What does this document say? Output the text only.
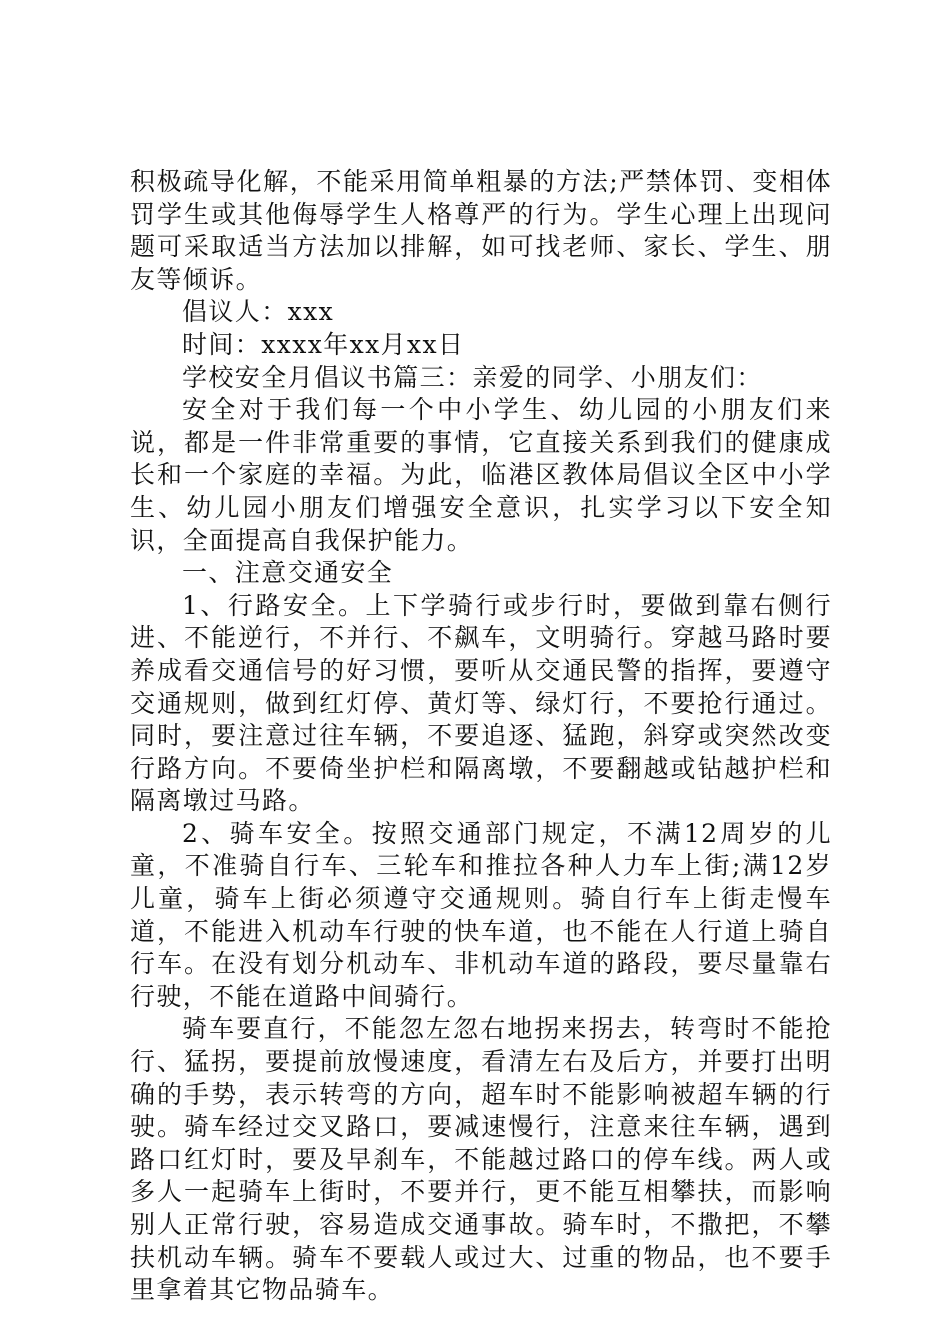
积极疏导化解，不能采用简单粗暴的方法;严禁体罚、变相体罚学生或其他侮辱学生人格尊严的行为。学生心理上出现问题可采取适当方法加以排解，如可找老师、家长、学生、朋友等倾诉。

倡议人：xxx

时间：xxxx年xx月xx日

学校安全月倡议书篇三：亲爱的同学、小朋友们：

安全对于我们每一个中小学生、幼儿园的小朋友们来说，都是一件非常重要的事情，它直接关系到我们的健康成长和一个家庭的幸福。为此，临港区教体局倡议全区中小学生、幼儿园小朋友们增强安全意识，扎实学习以下安全知识，全面提高自我保护能力。

一、注意交通安全

1、行路安全。上下学骑行或步行时，要做到靠右侧行进、不能逆行，不并行、不飙车，文明骑行。穿越马路时要养成看交通信号的好习惯，要听从交通民警的指挥，要遵守交通规则，做到红灯停、黄灯等、绿灯行，不要抢行通过。同时，要注意过往车辆，不要追逐、猛跑，斜穿或突然改变行路方向。不要倚坐护栏和隔离墩，不要翻越或钻越护栏和隔离墩过马路。

2、骑车安全。按照交通部门规定，不满12周岁的儿童，不准骑自行车、三轮车和推拉各种人力车上街;满12岁儿童，骑车上街必须遵守交通规则。骑自行车上街走慢车道，不能进入机动车行驶的快车道，也不能在人行道上骑自行车。在没有划分机动车、非机动车道的路段，要尽量靠右行驶，不能在道路中间骑行。

骑车要直行，不能忽左忽右地拐来拐去，转弯时不能抢行、猛拐，要提前放慢速度，看清左右及后方，并要打出明确的手势，表示转弯的方向，超车时不能影响被超车辆的行驶。骑车经过交叉路口，要减速慢行，注意来往车辆，遇到路口红灯时，要及早刹车，不能越过路口的停车线。两人或多人一起骑车上街时，不要并行，更不能互相攀扶，而影响别人正常行驶，容易造成交通事故。骑车时，不撒把，不攀扶机动车辆。骑车不要载人或过大、过重的物品，也不要手里拿着其它物品骑车。
